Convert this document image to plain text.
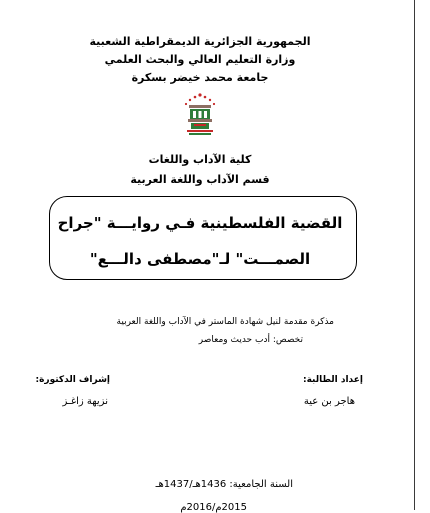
الجمهورية الجزائرية الديمقراطية الشعبية
وزارة التعليم العالي والبحث العلمي
جامعة محمد خيضر بسكرة
كلية الآداب واللغات
قسم الآداب واللغة العربية
القضية الفلسطينية فـي روايـــة "جراح
الصمـــت" لـ"مصطفى دالـــع"
مذكرة مقدمة لنيل شهادة الماستر في الآداب واللغة العربية
تخصص: أدب حديث ومعاصر
إعداد الطالبة:
هاجر بن عية
إشراف الدكتورة:
نزيهة زاغـز
السنة الجامعية: 1436هـ/1437هـ
2015م/2016م
